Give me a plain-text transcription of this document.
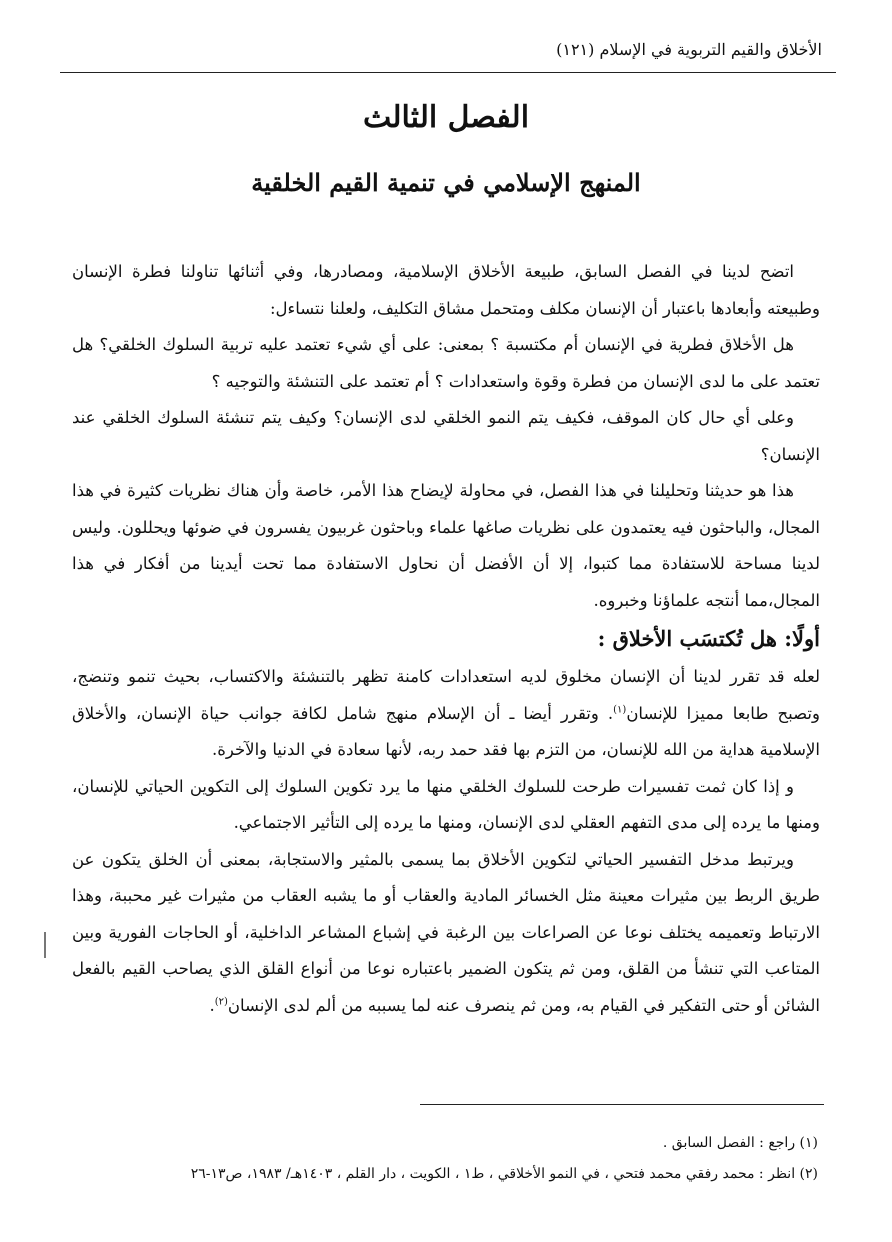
الأخلاق والقيم التربوية في الإسلام (١٢١)
الفصل الثالث
المنهج الإسلامي في تنمية القيم الخلقية

اتضح لدينا في الفصل السابق، طبيعة الأخلاق الإسلامية، ومصادرها، وفي أثنائها تناولنا فطرة الإنسان وطبيعته وأبعادها باعتبار أن الإنسان مكلف ومتحمل مشاق التكليف، ولعلنا نتساءل:

هل الأخلاق فطرية في الإنسان أم مكتسبة ؟ بمعنى: على أي شيء تعتمد عليه تربية السلوك الخلقي؟ هل تعتمد على ما لدى الإنسان من فطرة وقوة واستعدادات ؟ أم تعتمد على التنشئة والتوجيه ؟

وعلى أي حال كان الموقف، فكيف يتم النمو الخلقي لدى الإنسان؟ وكيف يتم تنشئة السلوك الخلقي عند الإنسان؟

هذا هو حديثنا وتحليلنا في هذا الفصل، في محاولة لإيضاح هذا الأمر، خاصة وأن هناك نظريات كثيرة في هذا المجال، والباحثون فيه يعتمدون على نظريات صاغها علماء وباحثون غربيون يفسرون في ضوئها ويحللون. وليس لدينا مساحة للاستفادة مما كتبوا، إلا أن الأفضل أن نحاول الاستفادة مما تحت أيدينا من أفكار في هذا المجال،مما أنتجه علماؤنا وخبروه.

أولًا: هل تُكتسَب الأخلاق :

لعله قد تقرر لدينا أن الإنسان مخلوق لديه استعدادات كامنة تظهر بالتنشئة والاكتساب، بحيث تنمو وتنضج، وتصبح طابعا مميزا للإنسان$^{(١)}$. وتقرر أيضا ـ أن الإسلام منهج شامل لكافة جوانب حياة الإنسان، والأخلاق الإسلامية هداية من الله للإنسان، من التزم بها فقد حمد ربه، لأنها سعادة في الدنيا والآخرة.

و إذا كان ثمت تفسيرات طرحت للسلوك الخلقي منها ما يرد تكوين السلوك إلى التكوين الحياتي للإنسان، ومنها ما يرده إلى مدى التفهم العقلي لدى الإنسان، ومنها ما يرده إلى التأثير الاجتماعي.

ويرتبط مدخل التفسير الحياتي لتكوين الأخلاق بما يسمى بالمثير والاستجابة، بمعنى أن الخلق يتكون عن طريق الربط بين مثيرات معينة مثل الخسائر المادية والعقاب أو ما يشبه العقاب من مثيرات غير محببة، وهذا الارتباط وتعميمه يختلف نوعا عن الصراعات بين الرغبة في إشباع المشاعر الداخلية، أو الحاجات الفورية وبين المتاعب التي تنشأ من القلق، ومن ثم يتكون الضمير باعتباره نوعا من أنواع القلق الذي يصاحب القيم بالفعل الشائن أو حتى التفكير في القيام به، ومن ثم ينصرف عنه لما يسببه من ألم لدى الإنسان$^{(٢)}$.

(١) راجع : الفصل السابق .

(٢) انظر : محمد رفقي محمد فتحي ، في النمو الأخلاقي ، ط١ ، الكويت ، دار القلم ، ١٤٠٣هـ/ ١٩٨٣، ص١٣-٢٦
